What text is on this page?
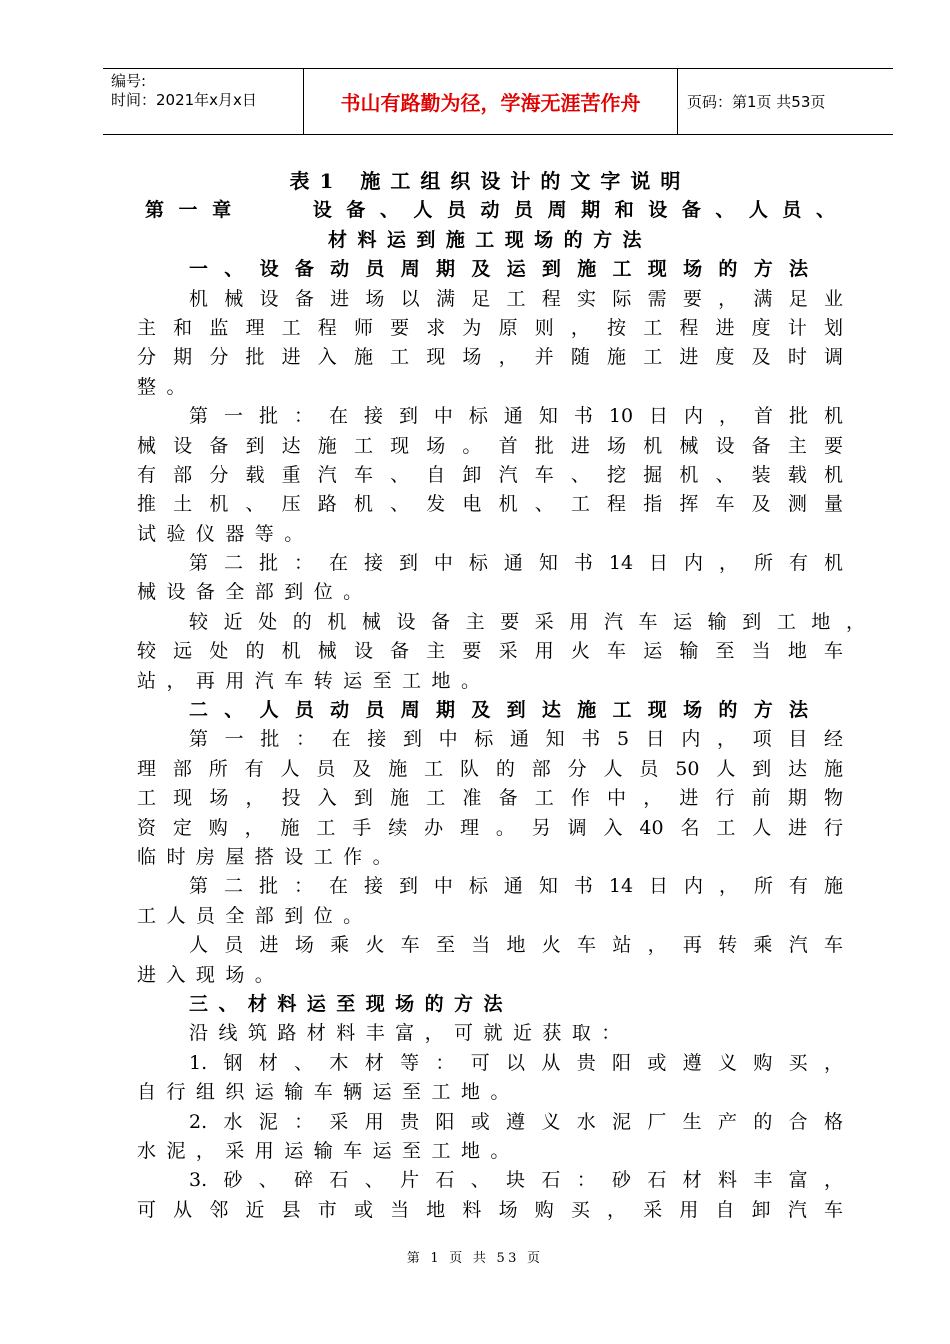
编号:
时间：2021年x月x日	书山有路勤为径，学海无涯苦作舟	页码：第1页 共53页
表1 施工组织设计的文字说明
第一章　　设备、人员动员周期和设备、人员、
材料运到施工现场的方法
一、设备动员周期及运到施工现场的方法
机械设备进场以满足工程实际需要，满足业
主和监理工程师要求为原则，按工程进度计划
分期分批进入施工现场，并随施工进度及时调
整。
第一批：在接到中标通知书10日内，首批机
械设备到达施工现场。首批进场机械设备主要
有部分载重汽车、自卸汽车、挖掘机、装载机
推土机、压路机、发电机、工程指挥车及测量
试验仪器等。
第二批：在接到中标通知书14日内，所有机
械设备全部到位。
较近处的机械设备主要采用汽车运输到工地，
较远处的机械设备主要采用火车运输至当地车
站，再用汽车转运至工地。
二、人员动员周期及到达施工现场的方法
第一批：在接到中标通知书5日内，项目经
理部所有人员及施工队的部分人员50人到达施
工现场，投入到施工准备工作中，进行前期物
资定购，施工手续办理。另调入40名工人进行
临时房屋搭设工作。
第二批：在接到中标通知书14日内，所有施
工人员全部到位。
人员进场乘火车至当地火车站，再转乘汽车
进入现场。
三、材料运至现场的方法
沿线筑路材料丰富，可就近获取：
1.钢材、木材等：可以从贵阳或遵义购买，
自行组织运输车辆运至工地。
2.水泥：采用贵阳或遵义水泥厂生产的合格
水泥，采用运输车运至工地。
3.砂、碎石、片石、块石：砂石材料丰富，
可从邻近县市或当地料场购买，采用自卸汽车
第 1 页 共 53 页
